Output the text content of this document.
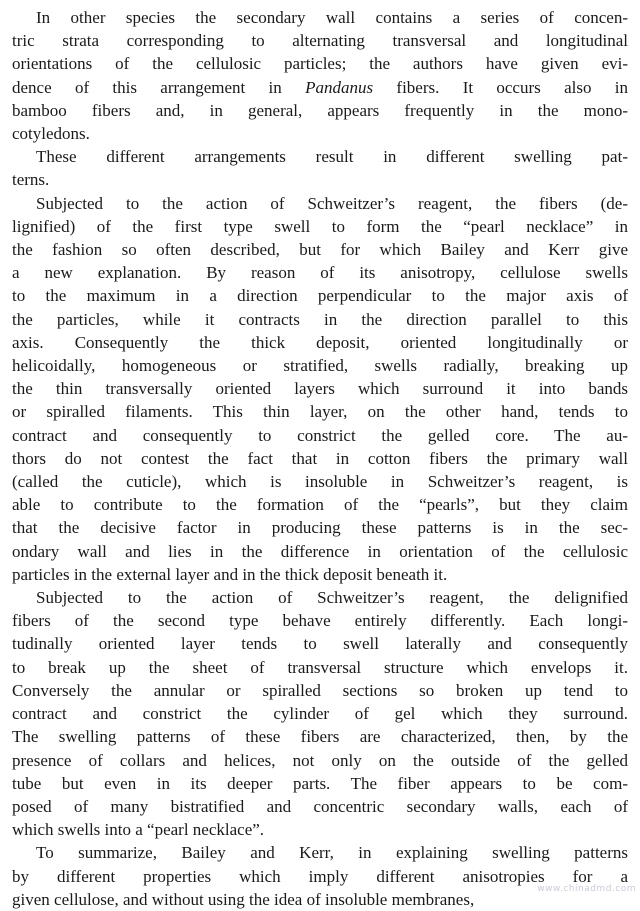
In other species the secondary wall contains a series of concen-
tric strata corresponding to alternating transversal and longitudinal
orientations of the cellulosic particles; the authors have given evi-
dence of this arrangement in Pandanus fibers. It occurs also in
bamboo fibers and, in general, appears frequently in the mono-
cotyledons.
These different arrangements result in different swelling pat-
terns.
Subjected to the action of Schweitzer’s reagent, the fibers (de-
lignified) of the first type swell to form the “pearl necklace” in
the fashion so often described, but for which Bailey and Kerr give
a new explanation. By reason of its anisotropy, cellulose swells
to the maximum in a direction perpendicular to the major axis of
the particles, while it contracts in the direction parallel to this
axis. Consequently the thick deposit, oriented longitudinally or
helicoidally, homogeneous or stratified, swells radially, breaking up
the thin transversally oriented layers which surround it into bands
or spiralled filaments. This thin layer, on the other hand, tends to
contract and consequently to constrict the gelled core. The au-
thors do not contest the fact that in cotton fibers the primary wall
(called the cuticle), which is insoluble in Schweitzer’s reagent, is
able to contribute to the formation of the “pearls”, but they claim
that the decisive factor in producing these patterns is in the sec-
ondary wall and lies in the difference in orientation of the cellulosic
particles in the external layer and in the thick deposit beneath it.
Subjected to the action of Schweitzer’s reagent, the delignified
fibers of the second type behave entirely differently. Each longi-
tudinally oriented layer tends to swell laterally and consequently
to break up the sheet of transversal structure which envelops it.
Conversely the annular or spiralled sections so broken up tend to
contract and constrict the cylinder of gel which they surround.
The swelling patterns of these fibers are characterized, then, by the
presence of collars and helices, not only on the outside of the gelled
tube but even in its deeper parts. The fiber appears to be com-
posed of many bistratified and concentric secondary walls, each of
which swells into a “pearl necklace”.
To summarize, Bailey and Kerr, in explaining swelling patterns
by different properties which imply different anisotropies for a
given cellulose, and without using the idea of insoluble membranes,
www.chinadmd.com
